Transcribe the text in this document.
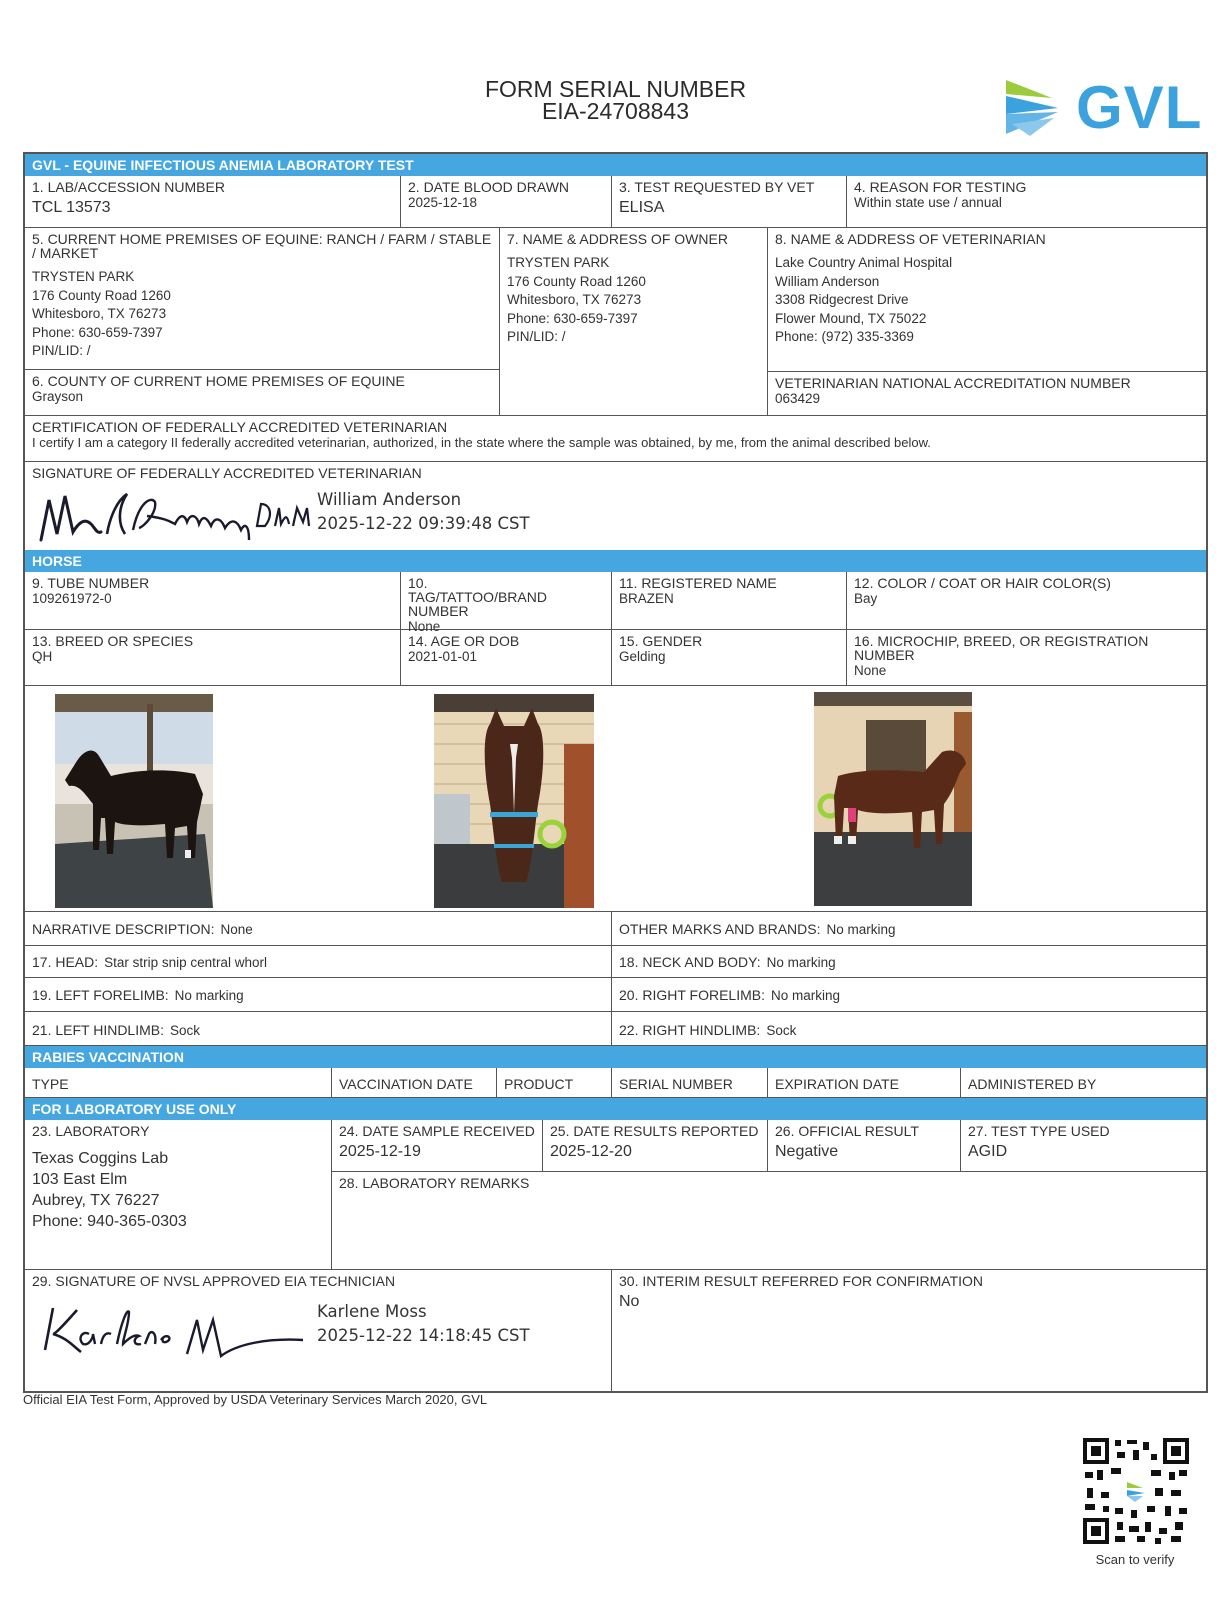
FORM SERIAL NUMBER
EIA-24708843	GVL
GVL - EQUINE INFECTIOUS ANEMIA LABORATORY TEST
1. LAB/ACCESSION NUMBER
TCL 13573
2. DATE BLOOD DRAWN
2025-12-18
3. TEST REQUESTED BY VET
ELISA
4. REASON FOR TESTING
Within state use / annual
5. CURRENT HOME PREMISES OF EQUINE: RANCH / FARM / STABLE / MARKET
TRYSTEN PARK
176 County Road 1260
Whitesboro, TX 76273
Phone: 630-659-7397
PIN/LID: /
7. NAME & ADDRESS OF OWNER
TRYSTEN PARK
176 County Road 1260
Whitesboro, TX 76273
Phone: 630-659-7397
PIN/LID: /
8. NAME & ADDRESS OF VETERINARIAN
Lake Country Animal Hospital
William Anderson
3308 Ridgecrest Drive
Flower Mound, TX 75022
Phone: (972) 335-3369
6. COUNTY OF CURRENT HOME PREMISES OF EQUINE
Grayson
VETERINARIAN NATIONAL ACCREDITATION NUMBER
063429
CERTIFICATION OF FEDERALLY ACCREDITED VETERINARIAN
I certify I am a category II federally accredited veterinarian, authorized, in the state where the sample was obtained, by me, from the animal described below.
SIGNATURE OF FEDERALLY ACCREDITED VETERINARIAN
William Anderson
2025-12-22 09:39:48 CST
HORSE
9. TUBE NUMBER
109261972-0
10. TAG/TATTOO/BRAND NUMBER
None
11. REGISTERED NAME
BRAZEN
12. COLOR / COAT OR HAIR COLOR(S)
Bay
13. BREED OR SPECIES
QH
14. AGE OR DOB
2021-01-01
15. GENDER
Gelding
16. MICROCHIP, BREED, OR REGISTRATION NUMBER
None
NARRATIVE DESCRIPTION: None	OTHER MARKS AND BRANDS: No marking
17. HEAD: Star strip snip central whorl	18. NECK AND BODY: No marking
19. LEFT FORELIMB: No marking	20. RIGHT FORELIMB: No marking
21. LEFT HINDLIMB: Sock	22. RIGHT HINDLIMB: Sock
RABIES VACCINATION
TYPE	VACCINATION DATE	PRODUCT	SERIAL NUMBER	EXPIRATION DATE	ADMINISTERED BY
FOR LABORATORY USE ONLY
23. LABORATORY
Texas Coggins Lab
103 East Elm
Aubrey, TX 76227
Phone: 940-365-0303
24. DATE SAMPLE RECEIVED
2025-12-19
25. DATE RESULTS REPORTED
2025-12-20
26. OFFICIAL RESULT
Negative
27. TEST TYPE USED
AGID
28. LABORATORY REMARKS
29. SIGNATURE OF NVSL APPROVED EIA TECHNICIAN
Karlene Moss
2025-12-22 14:18:45 CST
30. INTERIM RESULT REFERRED FOR CONFIRMATION
No
Official EIA Test Form, Approved by USDA Veterinary Services March 2020, GVL
Scan to verify
